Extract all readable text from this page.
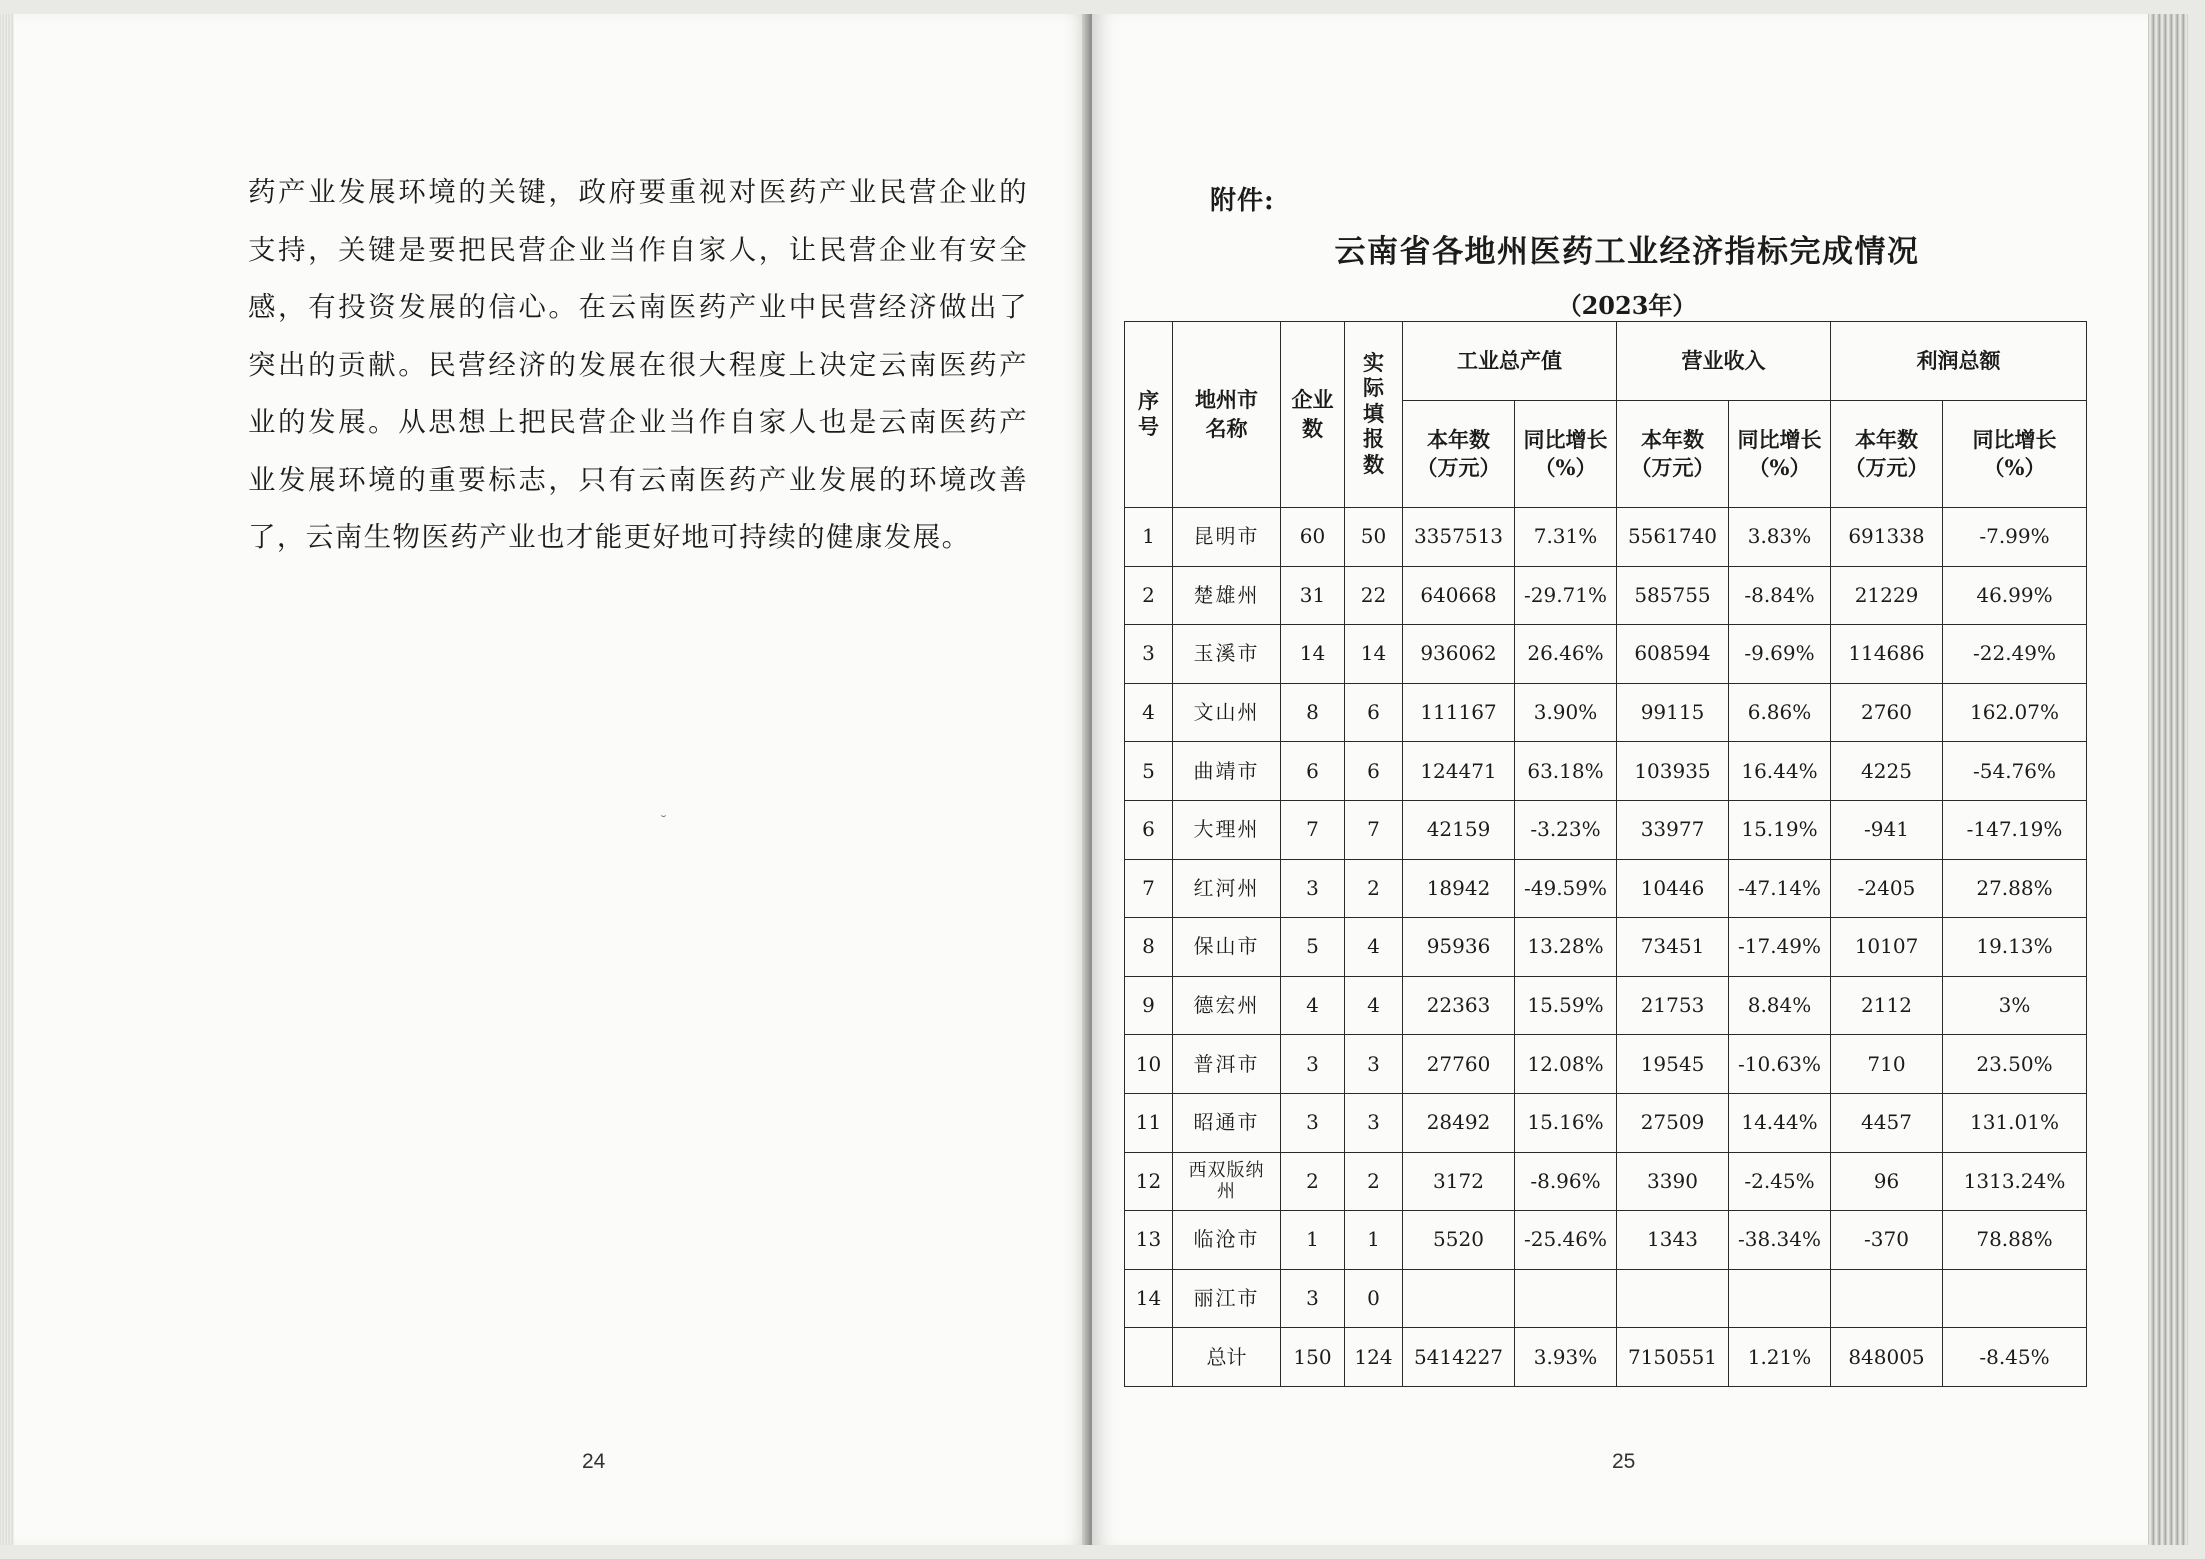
药产业发展环境的关键，政府要重视对医药产业民营企业的支持，关键是要把民营企业当作自家人，让民营企业有安全感，有投资发展的信心。在云南医药产业中民营经济做出了突出的贡献。民营经济的发展在很大程度上决定云南医药产业的发展。从思想上把民营企业当作自家人也是云南医药产业发展环境的重要标志，只有云南医药产业发展的环境改善了，云南生物医药产业也才能更好地可持续的健康发展。
˘
24
附件:
云南省各地州医药工业经济指标完成情况
（2023年）
序号	地州市名称	企业数	实际填报数	工业总产值		营业收入		利润总额	
				本年数（万元）	同比增长（%）	本年数（万元）	同比增长（%）	本年数（万元）	同比增长（%）
1	昆明市	60	50	3357513	7.31%	5561740	3.83%	691338	-7.99%
2	楚雄州	31	22	640668	-29.71%	585755	-8.84%	21229	46.99%
3	玉溪市	14	14	936062	26.46%	608594	-9.69%	114686	-22.49%
4	文山州	8	6	111167	3.90%	99115	6.86%	2760	162.07%
5	曲靖市	6	6	124471	63.18%	103935	16.44%	4225	-54.76%
6	大理州	7	7	42159	-3.23%	33977	15.19%	-941	-147.19%
7	红河州	3	2	18942	-49.59%	10446	-47.14%	-2405	27.88%
8	保山市	5	4	95936	13.28%	73451	-17.49%	10107	19.13%
9	德宏州	4	4	22363	15.59%	21753	8.84%	2112	3%
10	普洱市	3	3	27760	12.08%	19545	-10.63%	710	23.50%
11	昭通市	3	3	28492	15.16%	27509	14.44%	4457	131.01%
12	西双版纳州	2	2	3172	-8.96%	3390	-2.45%	96	1313.24%
13	临沧市	1	1	5520	-25.46%	1343	-38.34%	-370	78.88%
14	丽江市	3	0						
	总计	150	124	5414227	3.93%	7150551	1.21%	848005	-8.45%
25
